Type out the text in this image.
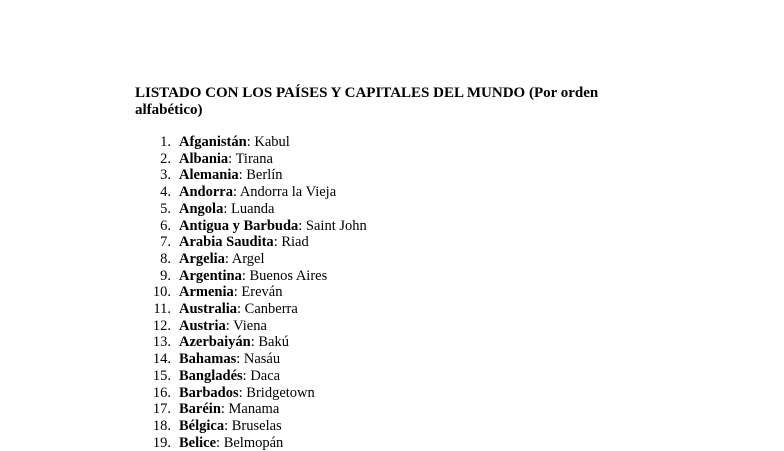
LISTADO CON LOS PAÍSES Y CAPITALES DEL MUNDO (Por orden alfabético)
1. Afganistán: Kabul
2. Albania: Tirana
3. Alemania: Berlín
4. Andorra: Andorra la Vieja
5. Angola: Luanda
6. Antigua y Barbuda: Saint John
7. Arabia Saudita: Riad
8. Argelia: Argel
9. Argentina: Buenos Aires
10. Armenia: Ereván
11. Australia: Canberra
12. Austria: Viena
13. Azerbaiyán: Bakú
14. Bahamas: Nasáu
15. Bangladés: Daca
16. Barbados: Bridgetown
17. Baréin: Manama
18. Bélgica: Bruselas
19. Belice: Belmopán
